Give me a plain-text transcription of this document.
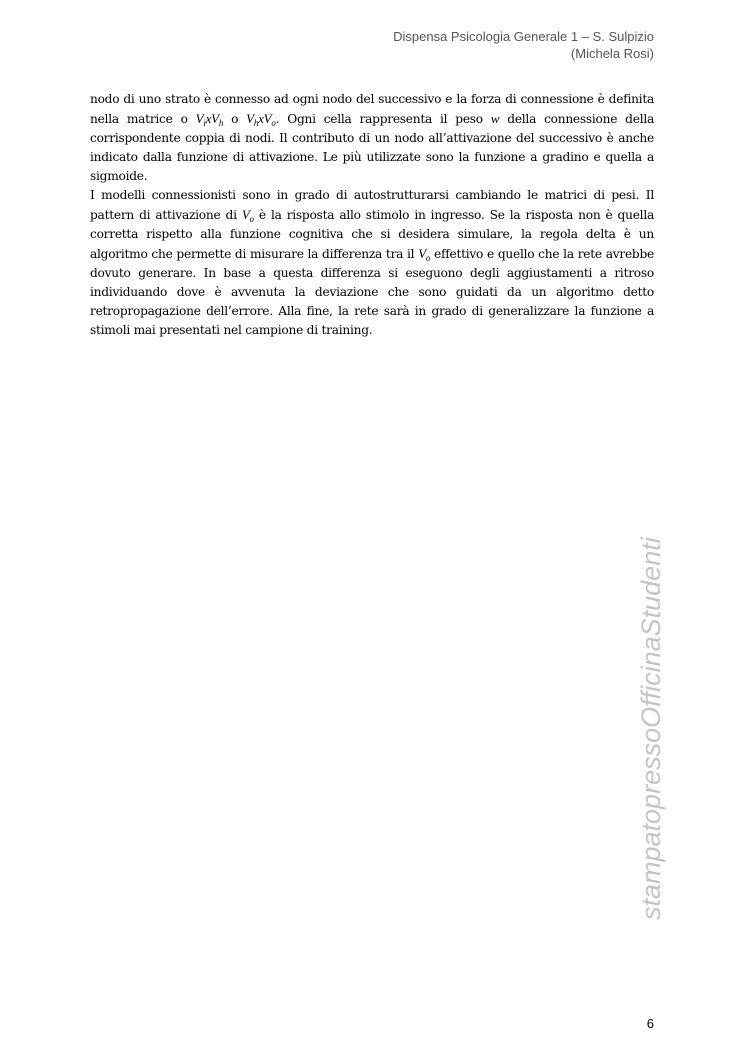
Dispensa Psicologia Generale 1 – S. Sulpizio
(Michela Rosi)

nodo di uno strato è connesso ad ogni nodo del successivo e la forza di connessione è definita nella matrice o $V_ixV_h$ o $V_hxV_o$. Ogni cella rappresenta il peso w della connessione della corrispondente coppia di nodi. Il contributo di un nodo all’attivazione del successivo è anche indicato dalla funzione di attivazione. Le più utilizzate sono la funzione a gradino e quella a sigmoide.

I modelli connessionisti sono in grado di autostrutturarsi cambiando le matrici di pesi. Il pattern di attivazione di $V_o$ è la risposta allo stimolo in ingresso. Se la risposta non è quella corretta rispetto alla funzione cognitiva che si desidera simulare, la regola delta è un algoritmo che permette di misurare la differenza tra il $V_o$ effettivo e quello che la rete avrebbe dovuto generare. In base a questa differenza si eseguono degli aggiustamenti a ritroso individuando dove è avvenuta la deviazione che sono guidati da un algoritmo detto retropropagazione dell’errore. Alla fine, la rete sarà in grado di generalizzare la funzione a stimoli mai presentati nel campione di training.

stampatopressoOfficinaStudenti
6
